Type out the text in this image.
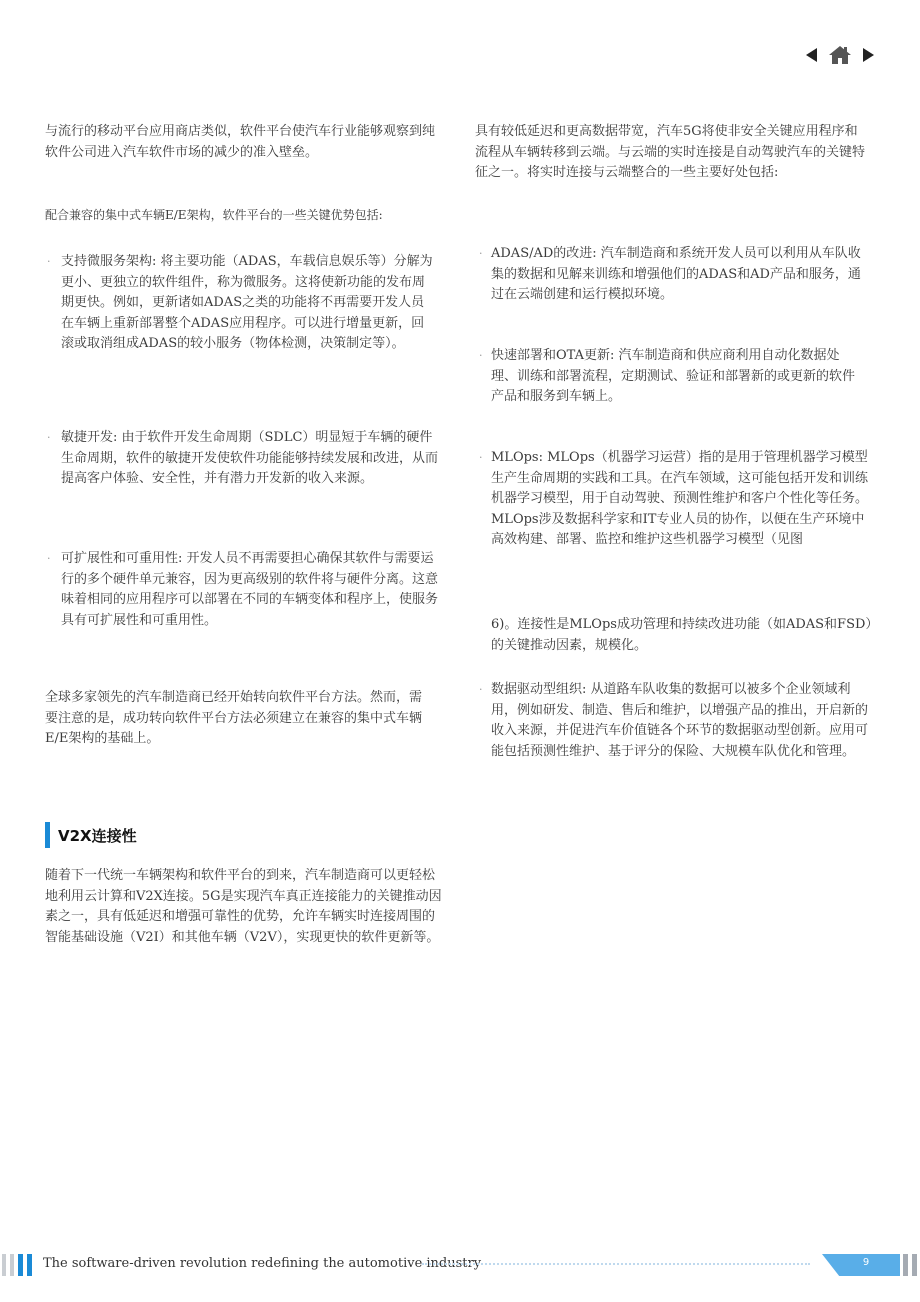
与流行的移动平台应用商店类似，软件平台使汽车行业能够观察到纯软件公司进入汽车软件市场的减少的准入壁垒。

配合兼容的集中式车辆E/E架构，软件平台的一些关键优势包括:

· 支持微服务架构: 将主要功能（ADAS，车载信息娱乐等）分解为更小、更独立的软件组件，称为微服务。这将使新功能的发布周期更快。例如，更新诸如ADAS之类的功能将不再需要开发人员在车辆上重新部署整个ADAS应用程序。可以进行增量更新，回滚或取消组成ADAS的较小服务（物体检测，决策制定等）。

· 敏捷开发: 由于软件开发生命周期（SDLC）明显短于车辆的硬件生命周期，软件的敏捷开发使软件功能能够持续发展和改进，从而提高客户体验、安全性，并有潜力开发新的收入来源。

· 可扩展性和可重用性: 开发人员不再需要担心确保其软件与需要运行的多个硬件单元兼容，因为更高级别的软件将与硬件分离。这意味着相同的应用程序可以部署在不同的车辆变体和程序上，使服务具有可扩展性和可重用性。

全球多家领先的汽车制造商已经开始转向软件平台方法。然而，需要注意的是，成功转向软件平台方法必须建立在兼容的集中式车辆E/E架构的基础上。

V2X连接性

随着下一代统一车辆架构和软件平台的到来，汽车制造商可以更轻松地利用云计算和V2X连接。5G是实现汽车真正连接能力的关键推动因素之一，具有低延迟和增强可靠性的优势，允许车辆实时连接周围的智能基础设施（V2I）和其他车辆（V2V），实现更快的软件更新等。

具有较低延迟和更高数据带宽，汽车5G将使非安全关键应用程序和流程从车辆转移到云端。与云端的实时连接是自动驾驶汽车的关键特征之一。将实时连接与云端整合的一些主要好处包括:

· ADAS/AD的改进: 汽车制造商和系统开发人员可以利用从车队收集的数据和见解来训练和增强他们的ADAS和AD产品和服务，通过在云端创建和运行模拟环境。

· 快速部署和OTA更新: 汽车制造商和供应商利用自动化数据处理、训练和部署流程，定期测试、验证和部署新的或更新的软件产品和服务到车辆上。

· MLOps: MLOps（机器学习运营）指的是用于管理机器学习模型生产生命周期的实践和工具。在汽车领域，这可能包括开发和训练机器学习模型，用于自动驾驶、预测性维护和客户个性化等任务。MLOps涉及数据科学家和IT专业人员的协作，以便在生产环境中高效构建、部署、监控和维护这些机器学习模型（见图

6)。连接性是MLOps成功管理和持续改进功能（如ADAS和FSD）的关键推动因素，规模化。

· 数据驱动型组织: 从道路车队收集的数据可以被多个企业领域利用，例如研发、制造、售后和维护，以增强产品的推出，开启新的收入来源，并促进汽车价值链各个环节的数据驱动型创新。应用可能包括预测性维护、基于评分的保险、大规模车队优化和管理。

The software-driven revolution redefining the automotive industry	9
